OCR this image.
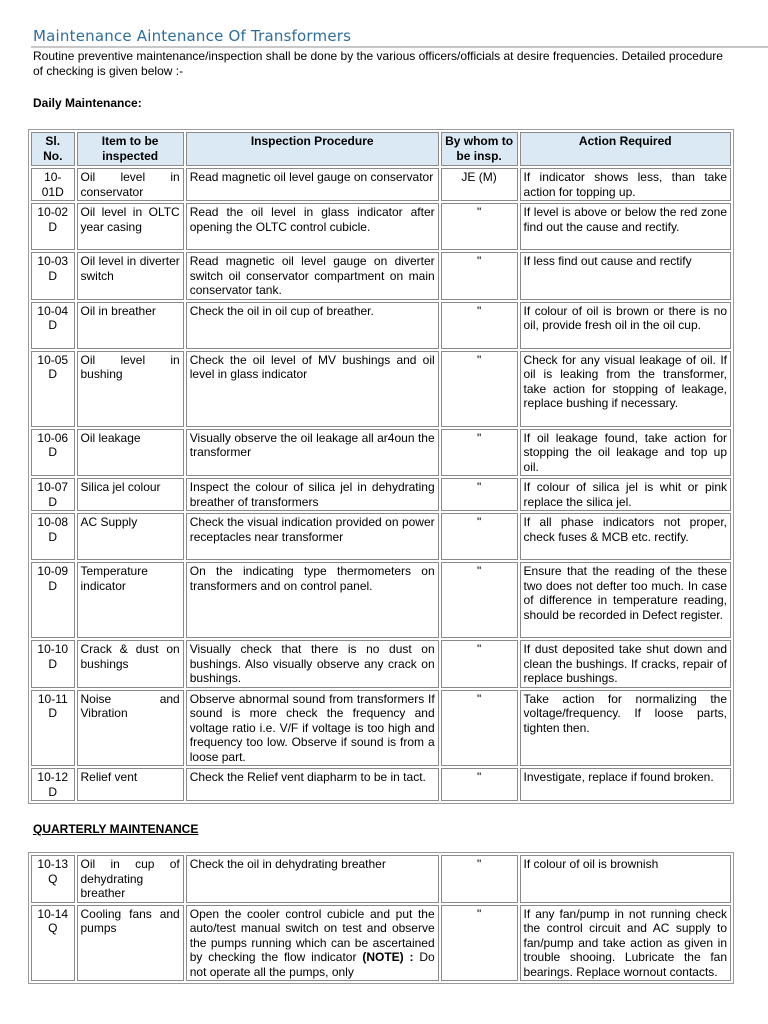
Maintenance Aintenance Of Transformers
Routine preventive maintenance/inspection shall be done by the various officers/officials at desire frequencies. Detailed procedure of checking is given below :-
Daily Maintenance:
Sl. No.	Item to be inspected	Inspection Procedure	By whom to be insp.	Action Required
10-01D	Oil level in conservator	Read magnetic oil level gauge on conservator	JE (M)	If indicator shows less, than take action for topping up.
10-02 D	Oil level in OLTC year casing	Read the oil level in glass indicator after opening the OLTC control cubicle.	"	If level is above or below the red zone find out the cause and rectify.
10-03 D	Oil level in diverter switch	Read magnetic oil level gauge on diverter switch oil conservator compartment on main conservator tank.	"	If less find out cause and rectify
10-04 D	Oil in breather	Check the oil in oil cup of breather.	"	If colour of oil is brown or there is no oil, provide fresh oil in the oil cup.
10-05 D	Oil level in bushing	Check the oil level of MV bushings and oil level in glass indicator	"	Check for any visual leakage of oil. If oil is leaking from the transformer, take action for stopping of leakage, replace bushing if necessary.
10-06 D	Oil leakage	Visually observe the oil leakage all ar4oun the transformer	"	If oil leakage found, take action for stopping the oil leakage and top up oil.
10-07 D	Silica jel colour	Inspect the colour of silica jel in dehydrating breather of transformers	"	If colour of silica jel is whit or pink replace the silica jel.
10-08 D	AC Supply	Check the visual indication provided on power receptacles near transformer	"	If all phase indicators not proper, check fuses & MCB etc. rectify.
10-09 D	Temperature indicator	On the indicating type thermometers on transformers and on control panel.	"	Ensure that the reading of the these two does not defter too much. In case of difference in temperature reading, should be recorded in Defect register.
10-10 D	Crack & dust on bushings	Visually check that there is no dust on bushings. Also visually observe any crack on bushings.	"	If dust deposited take shut down and clean the bushings. If cracks, repair of replace bushings.
10-11 D	Noise and Vibration	Observe abnormal sound from transformers If sound is more check the frequency and voltage ratio i.e. V/F if voltage is too high and frequency too low. Observe if sound is from a loose part.	"	Take action for normalizing the voltage/frequency. If loose parts, tighten then.
10-12 D	Relief vent	Check the Relief vent diapharm to be in tact.	"	Investigate, replace if found broken.
QUARTERLY MAINTENANCE
10-13 Q	Oil in cup of dehydrating breather	Check the oil in dehydrating breather	"	If colour of oil is brownish
10-14 Q	Cooling fans and pumps	Open the cooler control cubicle and put the auto/test manual switch on test and observe the pumps running which can be ascertained by checking the flow indicator (NOTE) : Do not operate all the pumps, only	"	If any fan/pump in not running check the control circuit and AC supply to fan/pump and take action as given in trouble shooing. Lubricate the fan bearings. Replace wornout contacts.
